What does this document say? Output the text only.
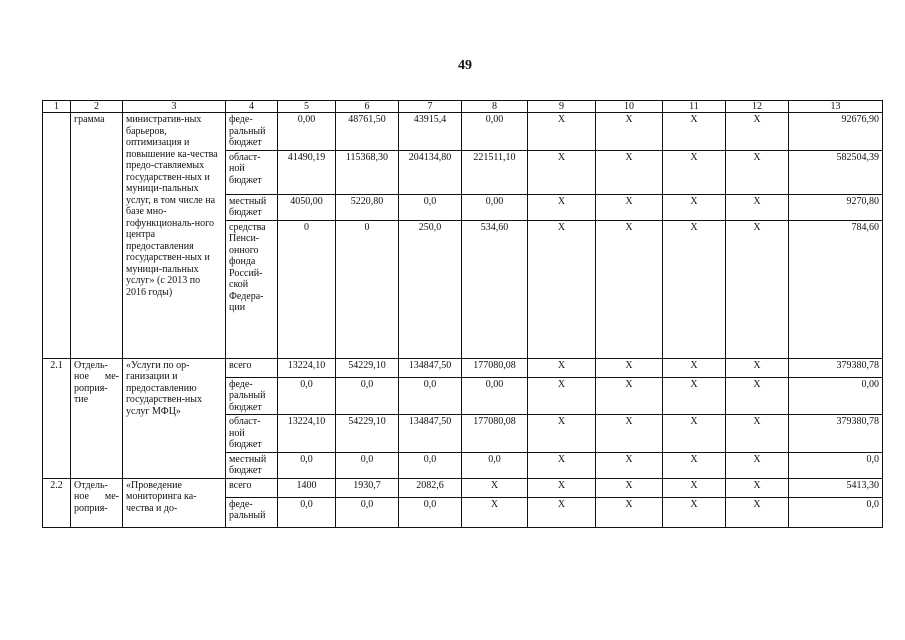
49
1	2	3	4	5	6	7	8	9	10	11	12	13
	грамма	министратив-ных барьеров, оптимизация и повышение ка-чества предо-ставляемых государствен-ных и муници-пальных услуг, в том числе на базе мно-гофункциональ-ного центра предоставления государствен-ных и муници-пальных услуг» (с 2013 по 2016 годы)	феде-ральный бюджет	0,00	48761,50	43915,4	0,00	X	X	X	X	92676,90
			област-ной бюджет	41490,19	115368,30	204134,80	221511,10	X	X	X	X	582504,39
			местный бюджет	4050,00	5220,80	0,0	0,00	X	X	X	X	9270,80
			средства Пенси-онного фонда Россий-ской Федера-ции	0	0	250,0	534,60	X	X	X	X	784,60
2.1	Отдель-ное ме-роприя-тие	«Услуги по ор-ганизации и предоставлению государствен-ных услуг МФЦ»	всего	13224,10	54229,10	134847,50	177080,08	X	X	X	X	379380,78
			феде-ральный бюджет	0,0	0,0	0,0	0,00	X	X	X	X	0,00
			област-ной бюджет	13224,10	54229,10	134847,50	177080,08	X	X	X	X	379380,78
			местный бюджет	0,0	0,0	0,0	0,0	X	X	X	X	0,0
2.2	Отдель-ное ме-роприя-	«Проведение мониторинга ка-чества и до-	всего	1400	1930,7	2082,6	X	X	X	X	X	5413,30
			феде-ральный	0,0	0,0	0,0	X	X	X	X	X	0,0
